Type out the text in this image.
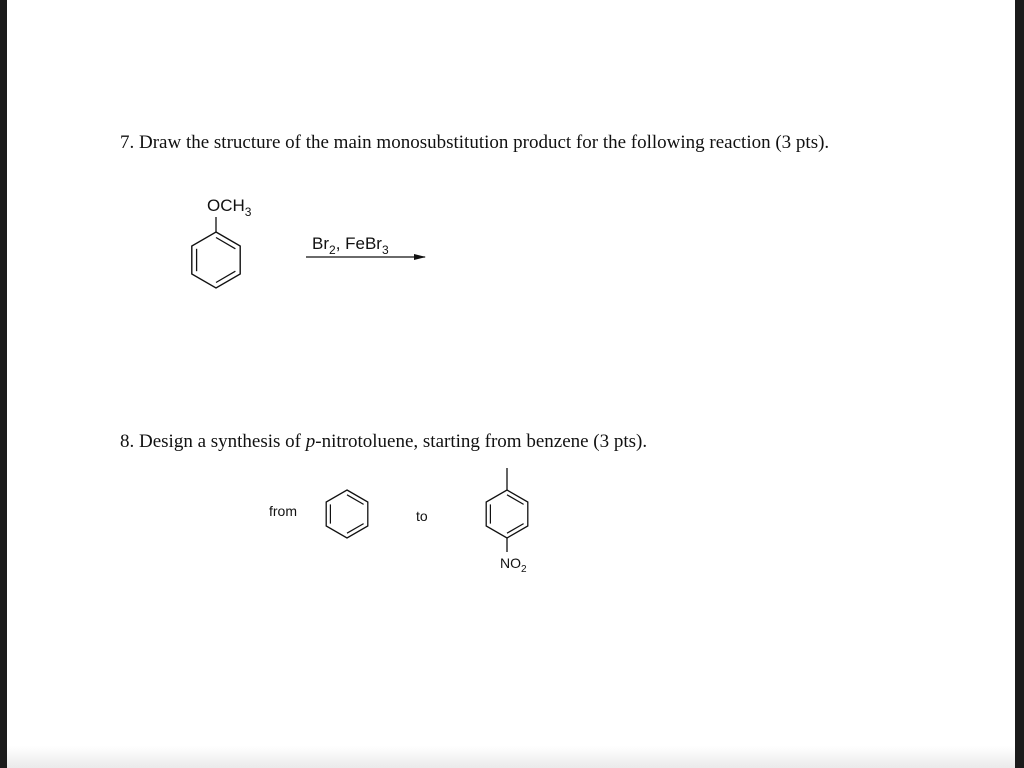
7. Draw the structure of the main monosubstitution product for the following reaction (3 pts).

8. Design a synthesis of p-nitrotoluene, starting from benzene (3 pts).

$OCH_3$
$Br_2$, FeBr$_3$
from	to
$NO_2$
